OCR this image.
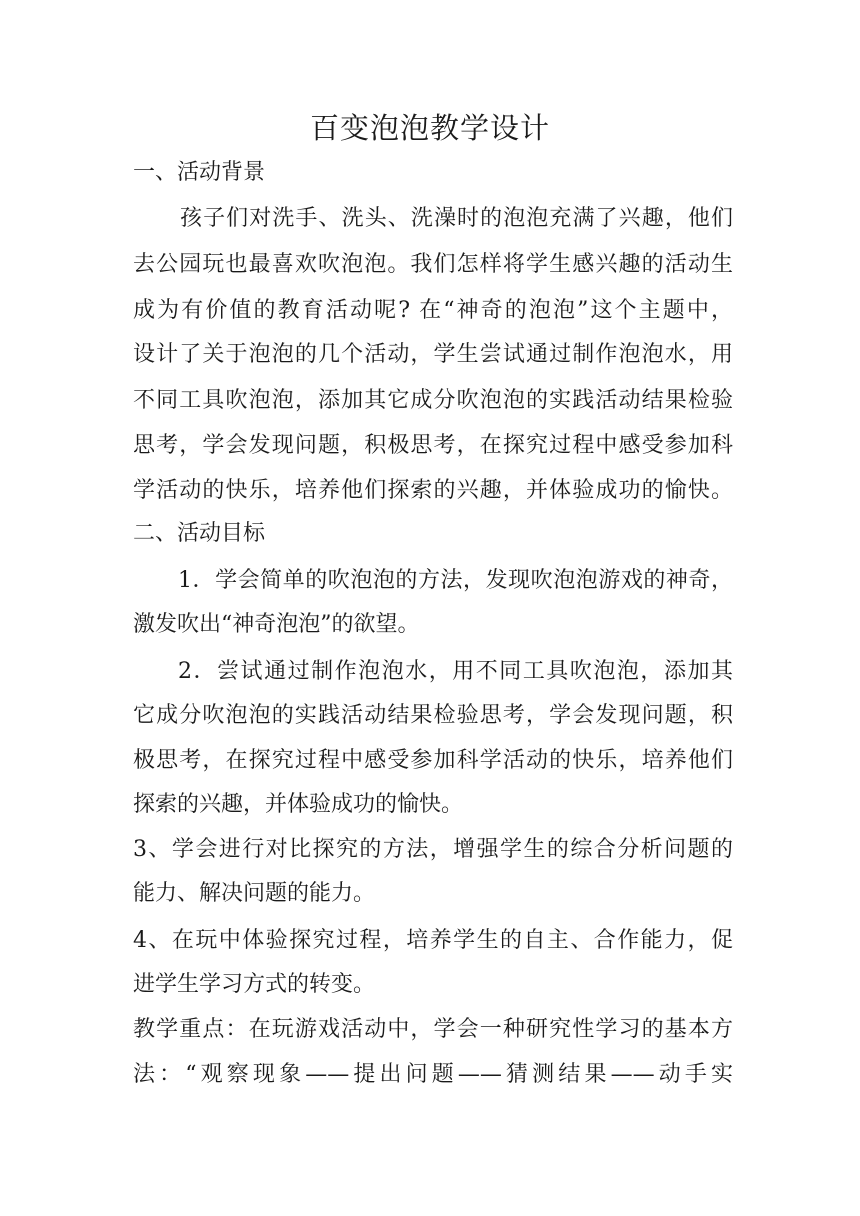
百变泡泡教学设计

一、活动背景

孩子们对洗手、洗头、洗澡时的泡泡充满了兴趣，他们

去公园玩也最喜欢吹泡泡。我们怎样将学生感兴趣的活动生

成为有价值的教育活动呢? 在“神奇的泡泡”这个主题中，

设计了关于泡泡的几个活动，学生尝试通过制作泡泡水，用

不同工具吹泡泡，添加其它成分吹泡泡的实践活动结果检验

思考，学会发现问题，积极思考，在探究过程中感受参加科

学活动的快乐，培养他们探索的兴趣，并体验成功的愉快。

二、活动目标

1．学会简单的吹泡泡的方法，发现吹泡泡游戏的神奇，

激发吹出“神奇泡泡”的欲望。

2．尝试通过制作泡泡水，用不同工具吹泡泡，添加其

它成分吹泡泡的实践活动结果检验思考，学会发现问题，积

极思考，在探究过程中感受参加科学活动的快乐，培养他们

探索的兴趣，并体验成功的愉快。

3、学会进行对比探究的方法，增强学生的综合分析问题的

能力、解决问题的能力。

4、在玩中体验探究过程，培养学生的自主、合作能力，促

进学生学习方式的转变。

教学重点：在玩游戏活动中，学会一种研究性学习的基本方

法：“观察现象——提出问题——猜测结果——动手实
